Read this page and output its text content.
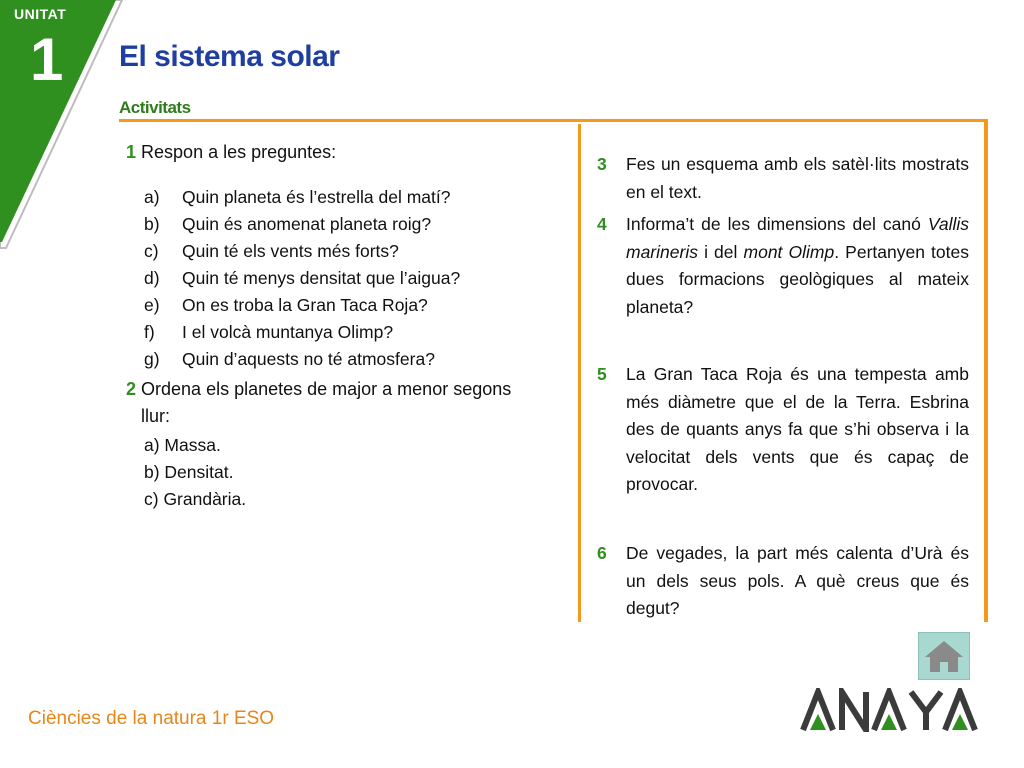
UNITAT
1 El sistema solar
Activitats
1 Respon a les preguntes:
a) Quin planeta és l’estrella del matí?
b) Quin és anomenat planeta roig?
c) Quin té els vents més forts?
d) Quin té menys densitat que l’aigua?
e) On es troba la Gran Taca Roja?
f) I el volcà muntanya Olimp?
g) Quin d’aquests no té atmosfera?
2 Ordena els planetes de major a menor segons llur:
a) Massa.
b) Densitat.
c) Grandària.
3 Fes un esquema amb els satèl·lits mostrats en el text.
4 Informa’t de les dimensions del canó Vallis marineris i del mont Olimp. Pertanyen totes dues formacions geològiques al mateix planeta?
5 La Gran Taca Roja és una tempesta amb més diàmetre que el de la Terra. Esbrina des de quants anys fa que s’hi observa i la velocitat dels vents que és capaç de provocar.
6 De vegades, la part més calenta d’Urà és un dels seus pols. A què creus que és degut?
Ciències de la natura 1r ESO
